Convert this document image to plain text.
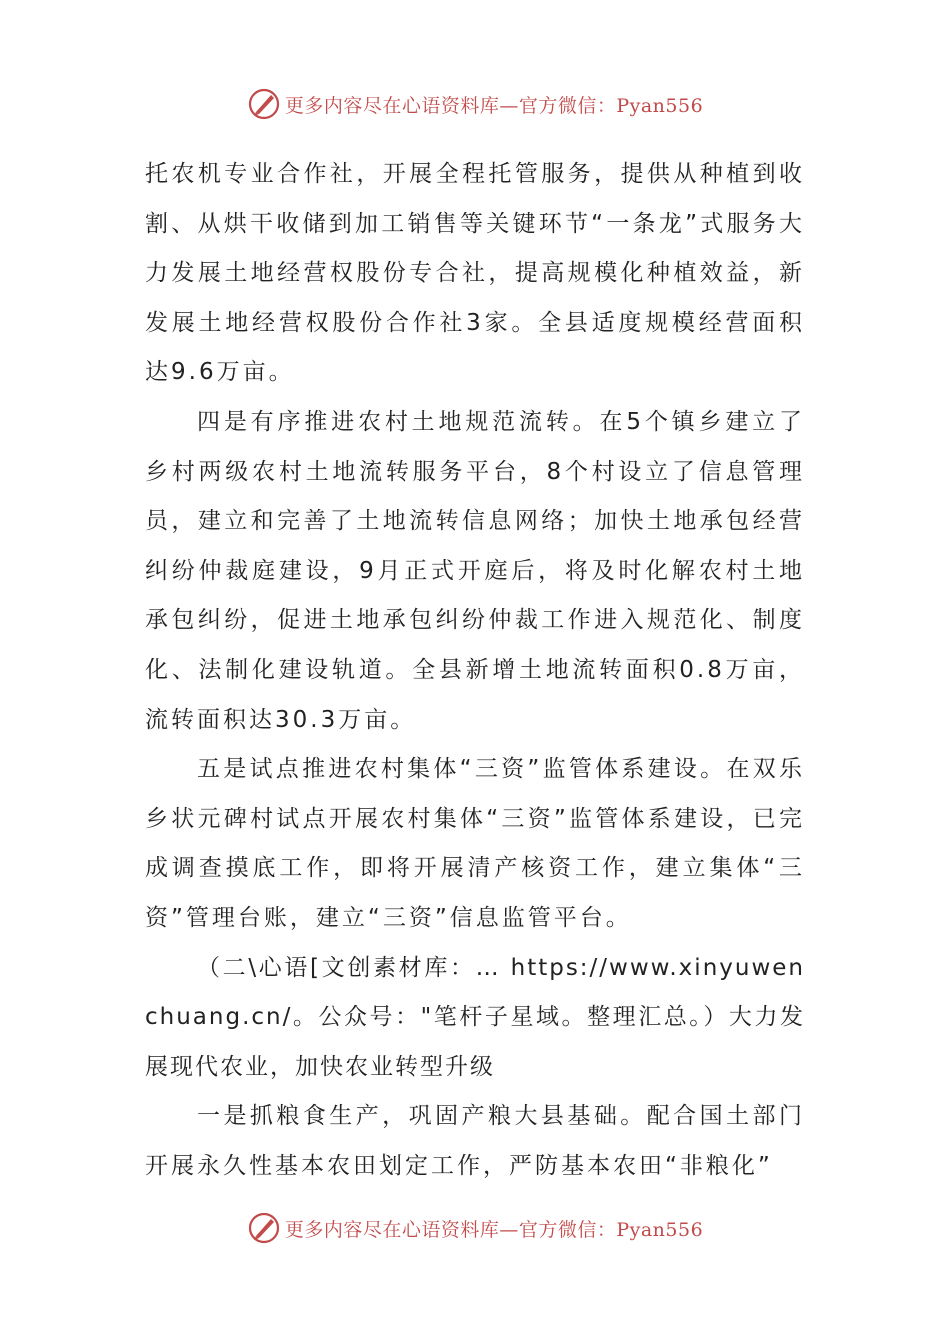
更多内容尽在心语资料库—官方微信：Pyan556

托农机专业合作社，开展全程托管服务，提供从种植到收割、从烘干收储到加工销售等关键环节“一条龙”式服务大力发展土地经营权股份专合社，提高规模化种植效益，新发展土地经营权股份合作社3家。全县适度规模经营面积达9.6万亩。

四是有序推进农村土地规范流转。在5个镇乡建立了乡村两级农村土地流转服务平台，8个村设立了信息管理员，建立和完善了土地流转信息网络；加快土地承包经营纠纷仲裁庭建设，9月正式开庭后，将及时化解农村土地承包纠纷，促进土地承包纠纷仲裁工作进入规范化、制度化、法制化建设轨道。全县新增土地流转面积0.8万亩，流转面积达30.3万亩。

五是试点推进农村集体“三资”监管体系建设。在双乐乡状元碑村试点开展农村集体“三资”监管体系建设，已完成调查摸底工作，即将开展清产核资工作，建立集体“三资”管理台账，建立“三资”信息监管平台。

（二\心语[文创素材库：… https://www.xinyuwenchuang.cn/。公众号："笔杆子星域。整理汇总。）大力发展现代农业，加快农业转型升级

一是抓粮食生产，巩固产粮大县基础。配合国土部门开展永久性基本农田划定工作，严防基本农田“非粮化”

更多内容尽在心语资料库—官方微信：Pyan556
